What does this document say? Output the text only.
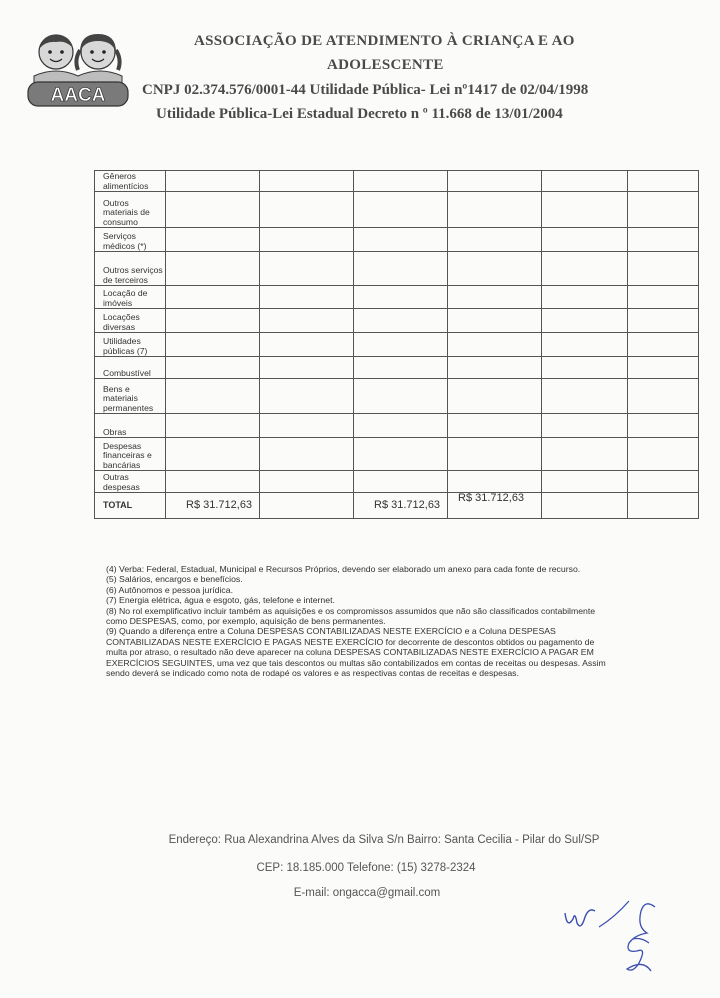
AACA
ASSOCIAÇÃO DE ATENDIMENTO À CRIANÇA E AO
ADOLESCENTE
CNPJ 02.374.576/0001-44 Utilidade Pública- Lei nº1417 de 02/04/1998
Utilidade Pública-Lei Estadual Decreto n º 11.668 de 13/01/2004
Gêneros alimentícios						
Outros materiais de consumo						
Serviços médicos (*)						
Outros serviços de terceiros						
Locação de imóveis						
Locações diversas						
Utilidades públicas (7)						
Combustível						
Bens e materiais permanentes						
Obras						
Despesas financeiras e bancárias						
Outras despesas						
TOTAL	R$ 31.712,63		R$ 31.712,63	R$ 31.712,63		

(4) Verba: Federal, Estadual, Municipal e Recursos Próprios, devendo ser elaborado um anexo para cada fonte de recurso.

(5) Salários, encargos e benefícios.

(6) Autônomos e pessoa jurídica.

(7) Energia elétrica, água e esgoto, gás, telefone e internet.

(8) No rol exemplificativo incluir também as aquisições e os compromissos assumidos que não são classificados contabilmente como DESPESAS, como, por exemplo, aquisição de bens permanentes.

(9) Quando a diferença entre a Coluna DESPESAS CONTABILIZADAS NESTE EXERCÍCIO e a Coluna DESPESAS CONTABILIZADAS NESTE EXERCÍCIO E PAGAS NESTE EXERCÍCIO for decorrente de descontos obtidos ou pagamento de multa por atraso, o resultado não deve aparecer na coluna DESPESAS CONTABILIZADAS NESTE EXERCÍCIO A PAGAR EM EXERCÍCIOS SEGUINTES, uma vez que tais descontos ou multas são contabilizados em contas de receitas ou despesas. Assim sendo deverá se indicado como nota de rodapé os valores e as respectivas contas de receitas e despesas.

Endereço: Rua Alexandrina Alves da Silva S/n Bairro: Santa Cecilia - Pilar do Sul/SP
CEP: 18.185.000 Telefone: (15) 3278-2324
E-mail: ongacca@gmail.com
